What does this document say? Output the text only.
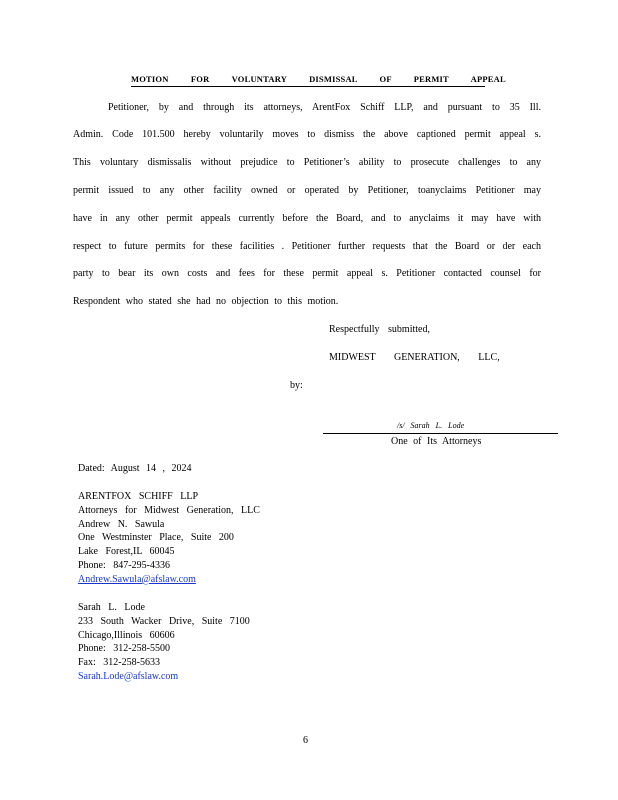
MOTION FOR VOLUNTARY DISMISSAL OF PERMIT APPEAL
Petitioner, by and through its attorneys, ArentFox Schiff LLP, and pursuant to 35 Ill.
Admin. Code 101.500 hereby voluntarily moves to dismiss the above captioned permit appeal s.
This voluntary dismissalis without prejudice to Petitioner’s ability to prosecute challenges to any
permit issued to any other facility owned or operated by Petitioner, toanyclaims Petitioner may
have in any other permit appeals currently before the Board, and to anyclaims it may have with
respect to future permits for these facilities . Petitioner further requests that the Board or der each
party to bear its own costs and fees for these permit appeal s. Petitioner contacted counsel for
Respondent who stated she had no objection to this motion.
Respectfully submitted,
MIDWEST GENERATION, LLC,
by:
/s/ Sarah L. Lode
One of Its Attorneys
Dated: August 14 , 2024
ARENTFOX SCHIFF LLP
Attorneys for Midwest Generation, LLC
Andrew N. Sawula
One Westminster Place, Suite 200
Lake Forest,IL 60045
Phone: 847-295-4336
Andrew.Sawula@afslaw.com
Sarah L. Lode
233 South Wacker Drive, Suite 7100
Chicago,Illinois 60606
Phone: 312-258-5500
Fax: 312-258-5633
Sarah.Lode@afslaw.com
6
